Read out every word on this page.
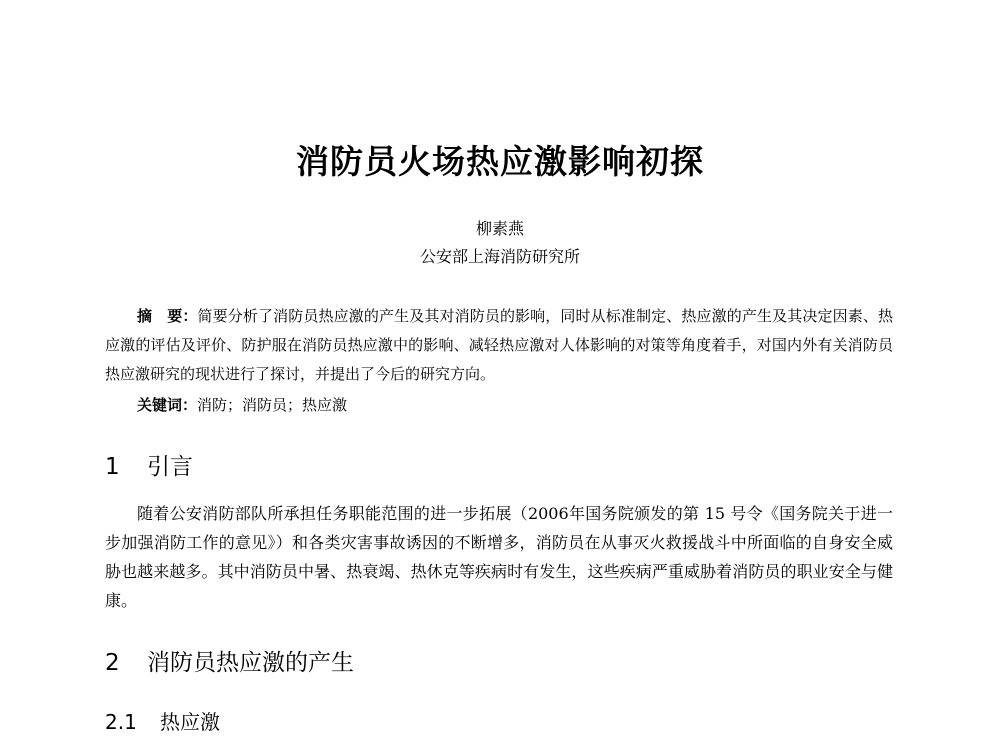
消防员火场热应激影响初探
柳素燕
公安部上海消防研究所

摘　要：简要分析了消防员热应激的产生及其对消防员的影响，同时从标准制定、热应激的产生及其决定因素、热应激的评估及评价、防护服在消防员热应激中的影响、减轻热应激对人体影响的对策等角度着手，对国内外有关消防员热应激研究的现状进行了探讨，并提出了今后的研究方向。

关键词：消防；消防员；热应激
1 引言

随着公安消防部队所承担任务职能范围的进一步拓展（2006年国务院颁发的第 15 号令《国务院关于进一步加强消防工作的意见》）和各类灾害事故诱因的不断增多，消防员在从事灭火救援战斗中所面临的自身安全威胁也越来越多。其中消防员中暑、热衰竭、热休克等疾病时有发生，这些疾病严重威胁着消防员的职业安全与健康。

2 消防员热应激的产生
2.1 热应激
